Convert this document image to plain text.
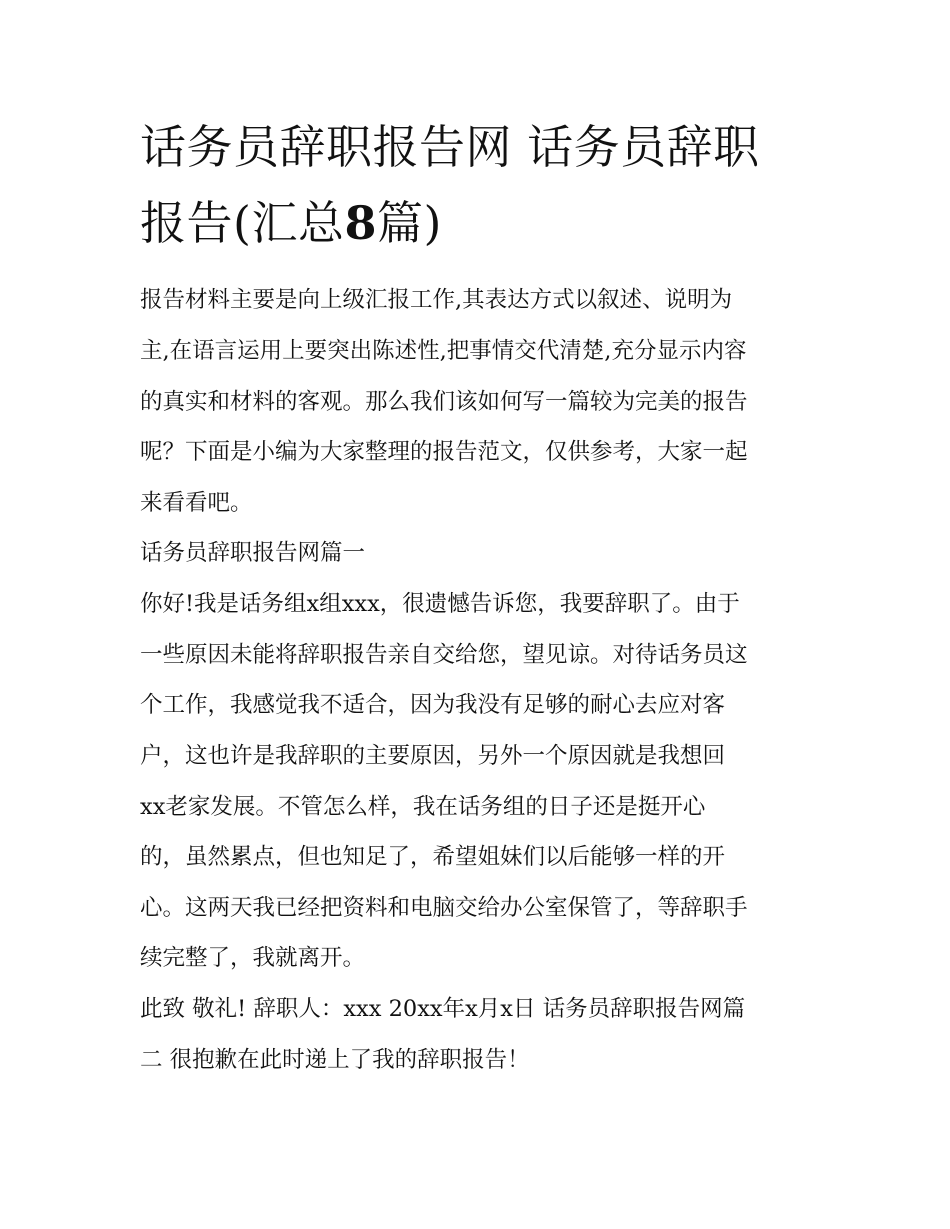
话务员辞职报告网 话务员辞职
报告(汇总8篇)
报告材料主要是向上级汇报工作,其表达方式以叙述、说明为
主,在语言运用上要突出陈述性,把事情交代清楚,充分显示内容
的真实和材料的客观。那么我们该如何写一篇较为完美的报告
呢？下面是小编为大家整理的报告范文，仅供参考，大家一起
来看看吧。
话务员辞职报告网篇一
你好!我是话务组x组xxx，很遗憾告诉您，我要辞职了。由于
一些原因未能将辞职报告亲自交给您，望见谅。对待话务员这
个工作，我感觉我不适合，因为我没有足够的耐心去应对客
户，这也许是我辞职的主要原因，另外一个原因就是我想回
xx老家发展。不管怎么样，我在话务组的日子还是挺开心
的，虽然累点，但也知足了，希望姐妹们以后能够一样的开
心。这两天我已经把资料和电脑交给办公室保管了，等辞职手
续完整了，我就离开。
此致 敬礼! 辞职人：xxx 20xx年x月x日 话务员辞职报告网篇
二 很抱歉在此时递上了我的辞职报告！
